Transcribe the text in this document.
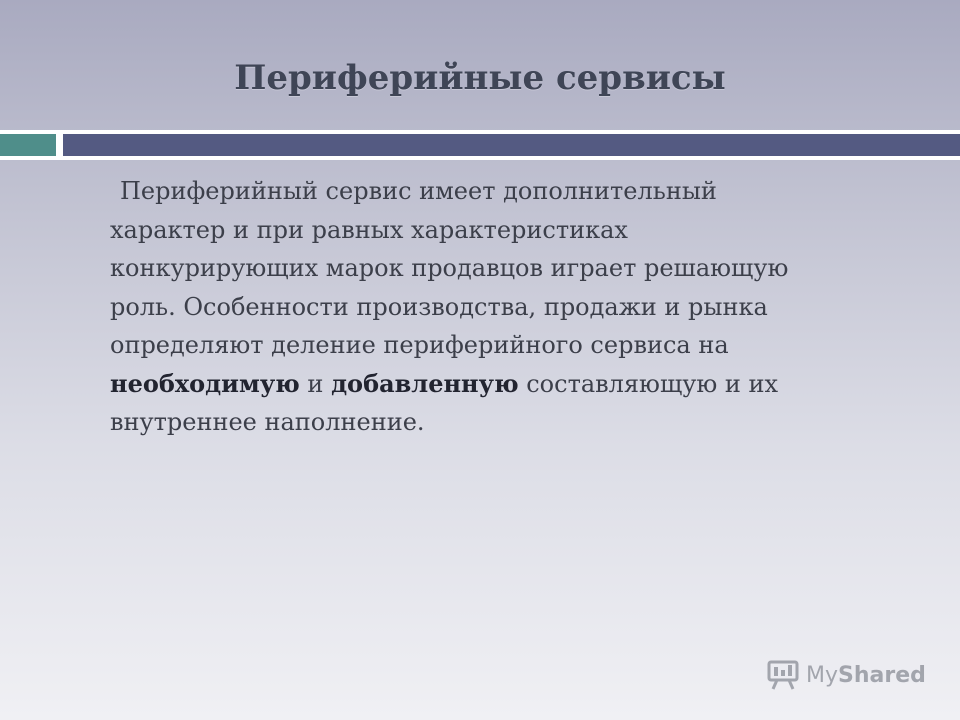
Периферийные сервисы

Периферийный сервис имеет дополнительный
характер и при равных характеристиках
конкурирующих марок продавцов играет решающую
роль. Особенности производства, продажи и рынка
определяют деление периферийного сервиса на
необходимую и добавленную составляющую и их
внутреннее наполнение.

MyShared
